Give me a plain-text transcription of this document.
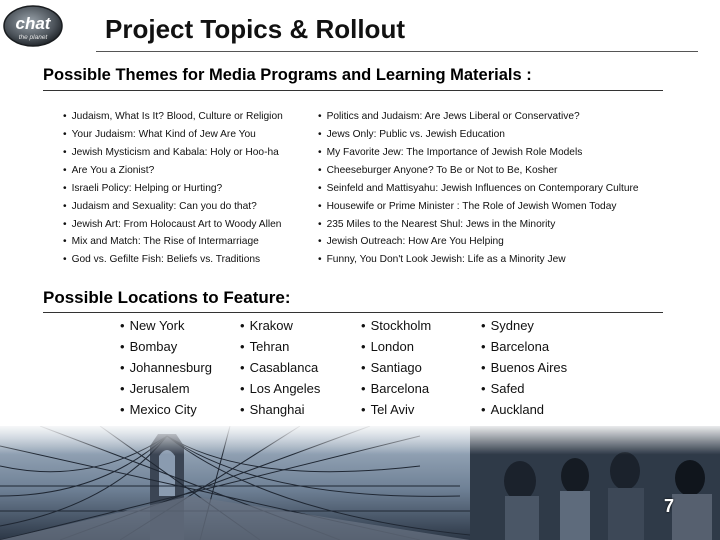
chat
the planet Project Topics & Rollout
Possible Themes for Media Programs and Learning Materials :
• Judaism, What Is It? Blood, Culture or Religion
• Your Judaism: What Kind of Jew Are You
• Jewish Mysticism and Kabala: Holy or Hoo-ha
• Are You a Zionist?
• Israeli Policy: Helping or Hurting?
• Judaism and Sexuality: Can you do that?
• Jewish Art: From Holocaust Art to Woody Allen
• Mix and Match: The Rise of Intermarriage
• God vs. Gefilte Fish: Beliefs vs. Traditions
• Politics and Judaism: Are Jews Liberal or Conservative?
• Jews Only: Public vs. Jewish Education
• My Favorite Jew: The Importance of Jewish Role Models
• Cheeseburger Anyone? To Be or Not to Be, Kosher
• Seinfeld and Mattisyahu: Jewish Influences on Contemporary Culture
• Housewife or Prime Minister : The Role of Jewish Women Today
• 235 Miles to the Nearest Shul: Jews in the Minority
• Jewish Outreach: How Are You Helping
• Funny, You Don't Look Jewish: Life as a Minority Jew
Possible Locations to Feature:
• New York
• Bombay
• Johannesburg
• Jerusalem
• Mexico City
• Krakow
• Tehran
• Casablanca
• Los Angeles
• Shanghai
• Stockholm
• London
• Santiago
• Barcelona
• Tel Aviv
• Sydney
• Barcelona
• Buenos Aires
• Safed
• Auckland
7
